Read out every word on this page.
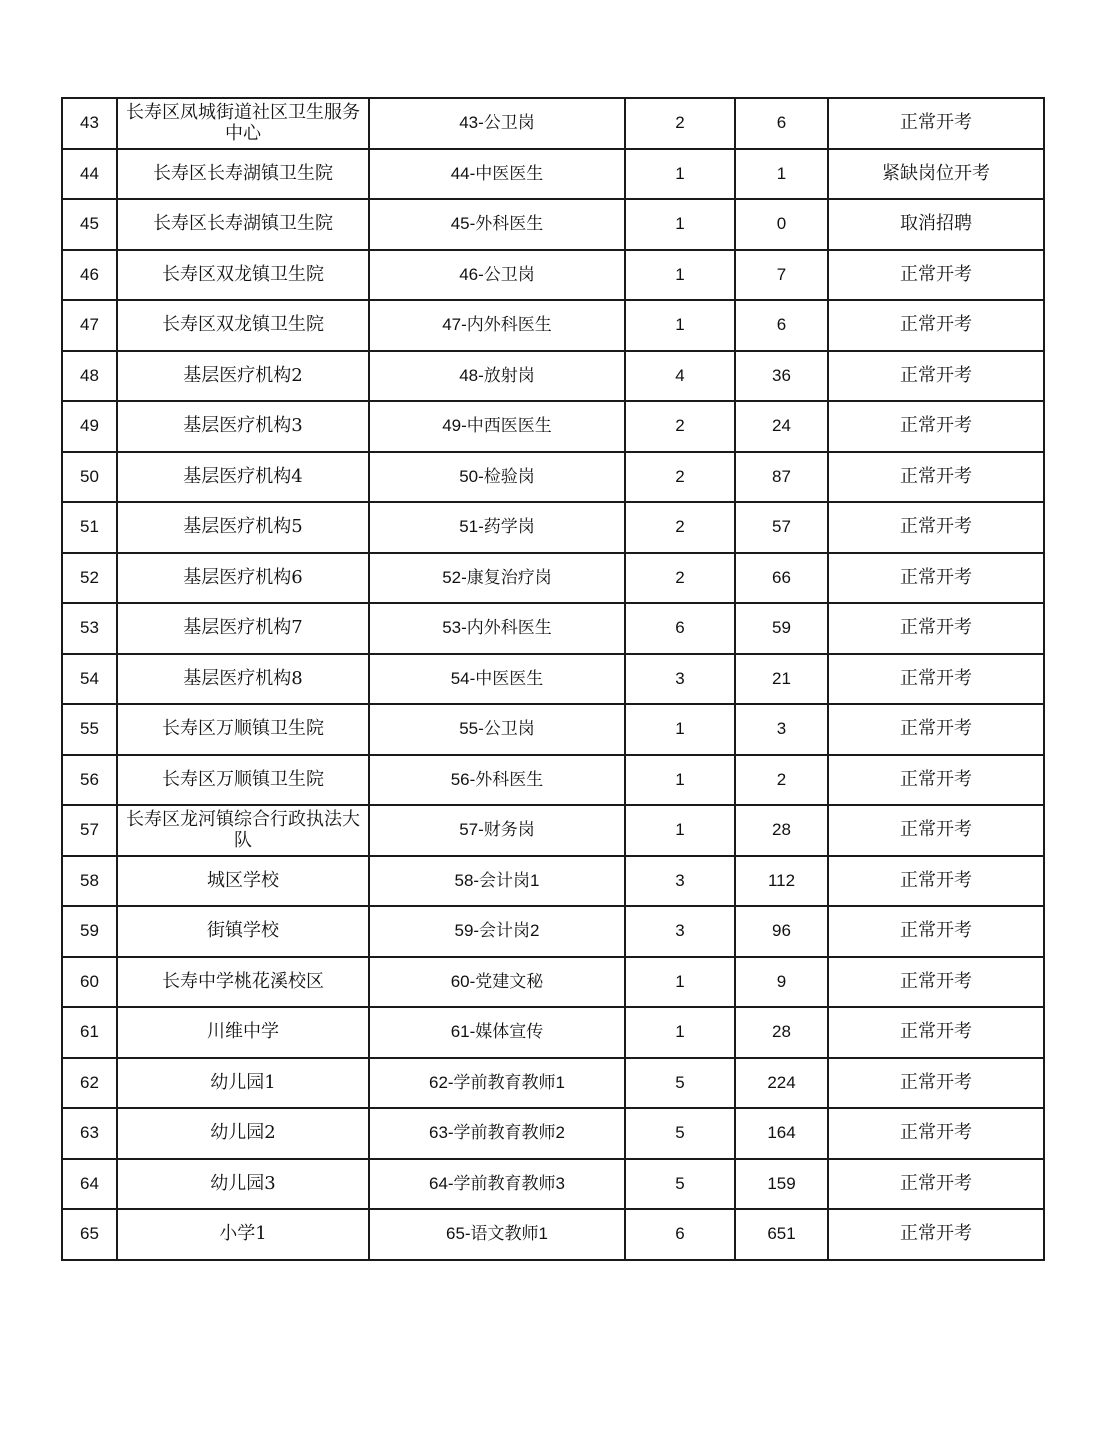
43	长寿区凤城街道社区卫生服务中心	43-公卫岗	2	6	正常开考
44	长寿区长寿湖镇卫生院	44-中医医生	1	1	紧缺岗位开考
45	长寿区长寿湖镇卫生院	45-外科医生	1	0	取消招聘
46	长寿区双龙镇卫生院	46-公卫岗	1	7	正常开考
47	长寿区双龙镇卫生院	47-内外科医生	1	6	正常开考
48	基层医疗机构2	48-放射岗	4	36	正常开考
49	基层医疗机构3	49-中西医医生	2	24	正常开考
50	基层医疗机构4	50-检验岗	2	87	正常开考
51	基层医疗机构5	51-药学岗	2	57	正常开考
52	基层医疗机构6	52-康复治疗岗	2	66	正常开考
53	基层医疗机构7	53-内外科医生	6	59	正常开考
54	基层医疗机构8	54-中医医生	3	21	正常开考
55	长寿区万顺镇卫生院	55-公卫岗	1	3	正常开考
56	长寿区万顺镇卫生院	56-外科医生	1	2	正常开考
57	长寿区龙河镇综合行政执法大队	57-财务岗	1	28	正常开考
58	城区学校	58-会计岗1	3	112	正常开考
59	街镇学校	59-会计岗2	3	96	正常开考
60	长寿中学桃花溪校区	60-党建文秘	1	9	正常开考
61	川维中学	61-媒体宣传	1	28	正常开考
62	幼儿园1	62-学前教育教师1	5	224	正常开考
63	幼儿园2	63-学前教育教师2	5	164	正常开考
64	幼儿园3	64-学前教育教师3	5	159	正常开考
65	小学1	65-语文教师1	6	651	正常开考
